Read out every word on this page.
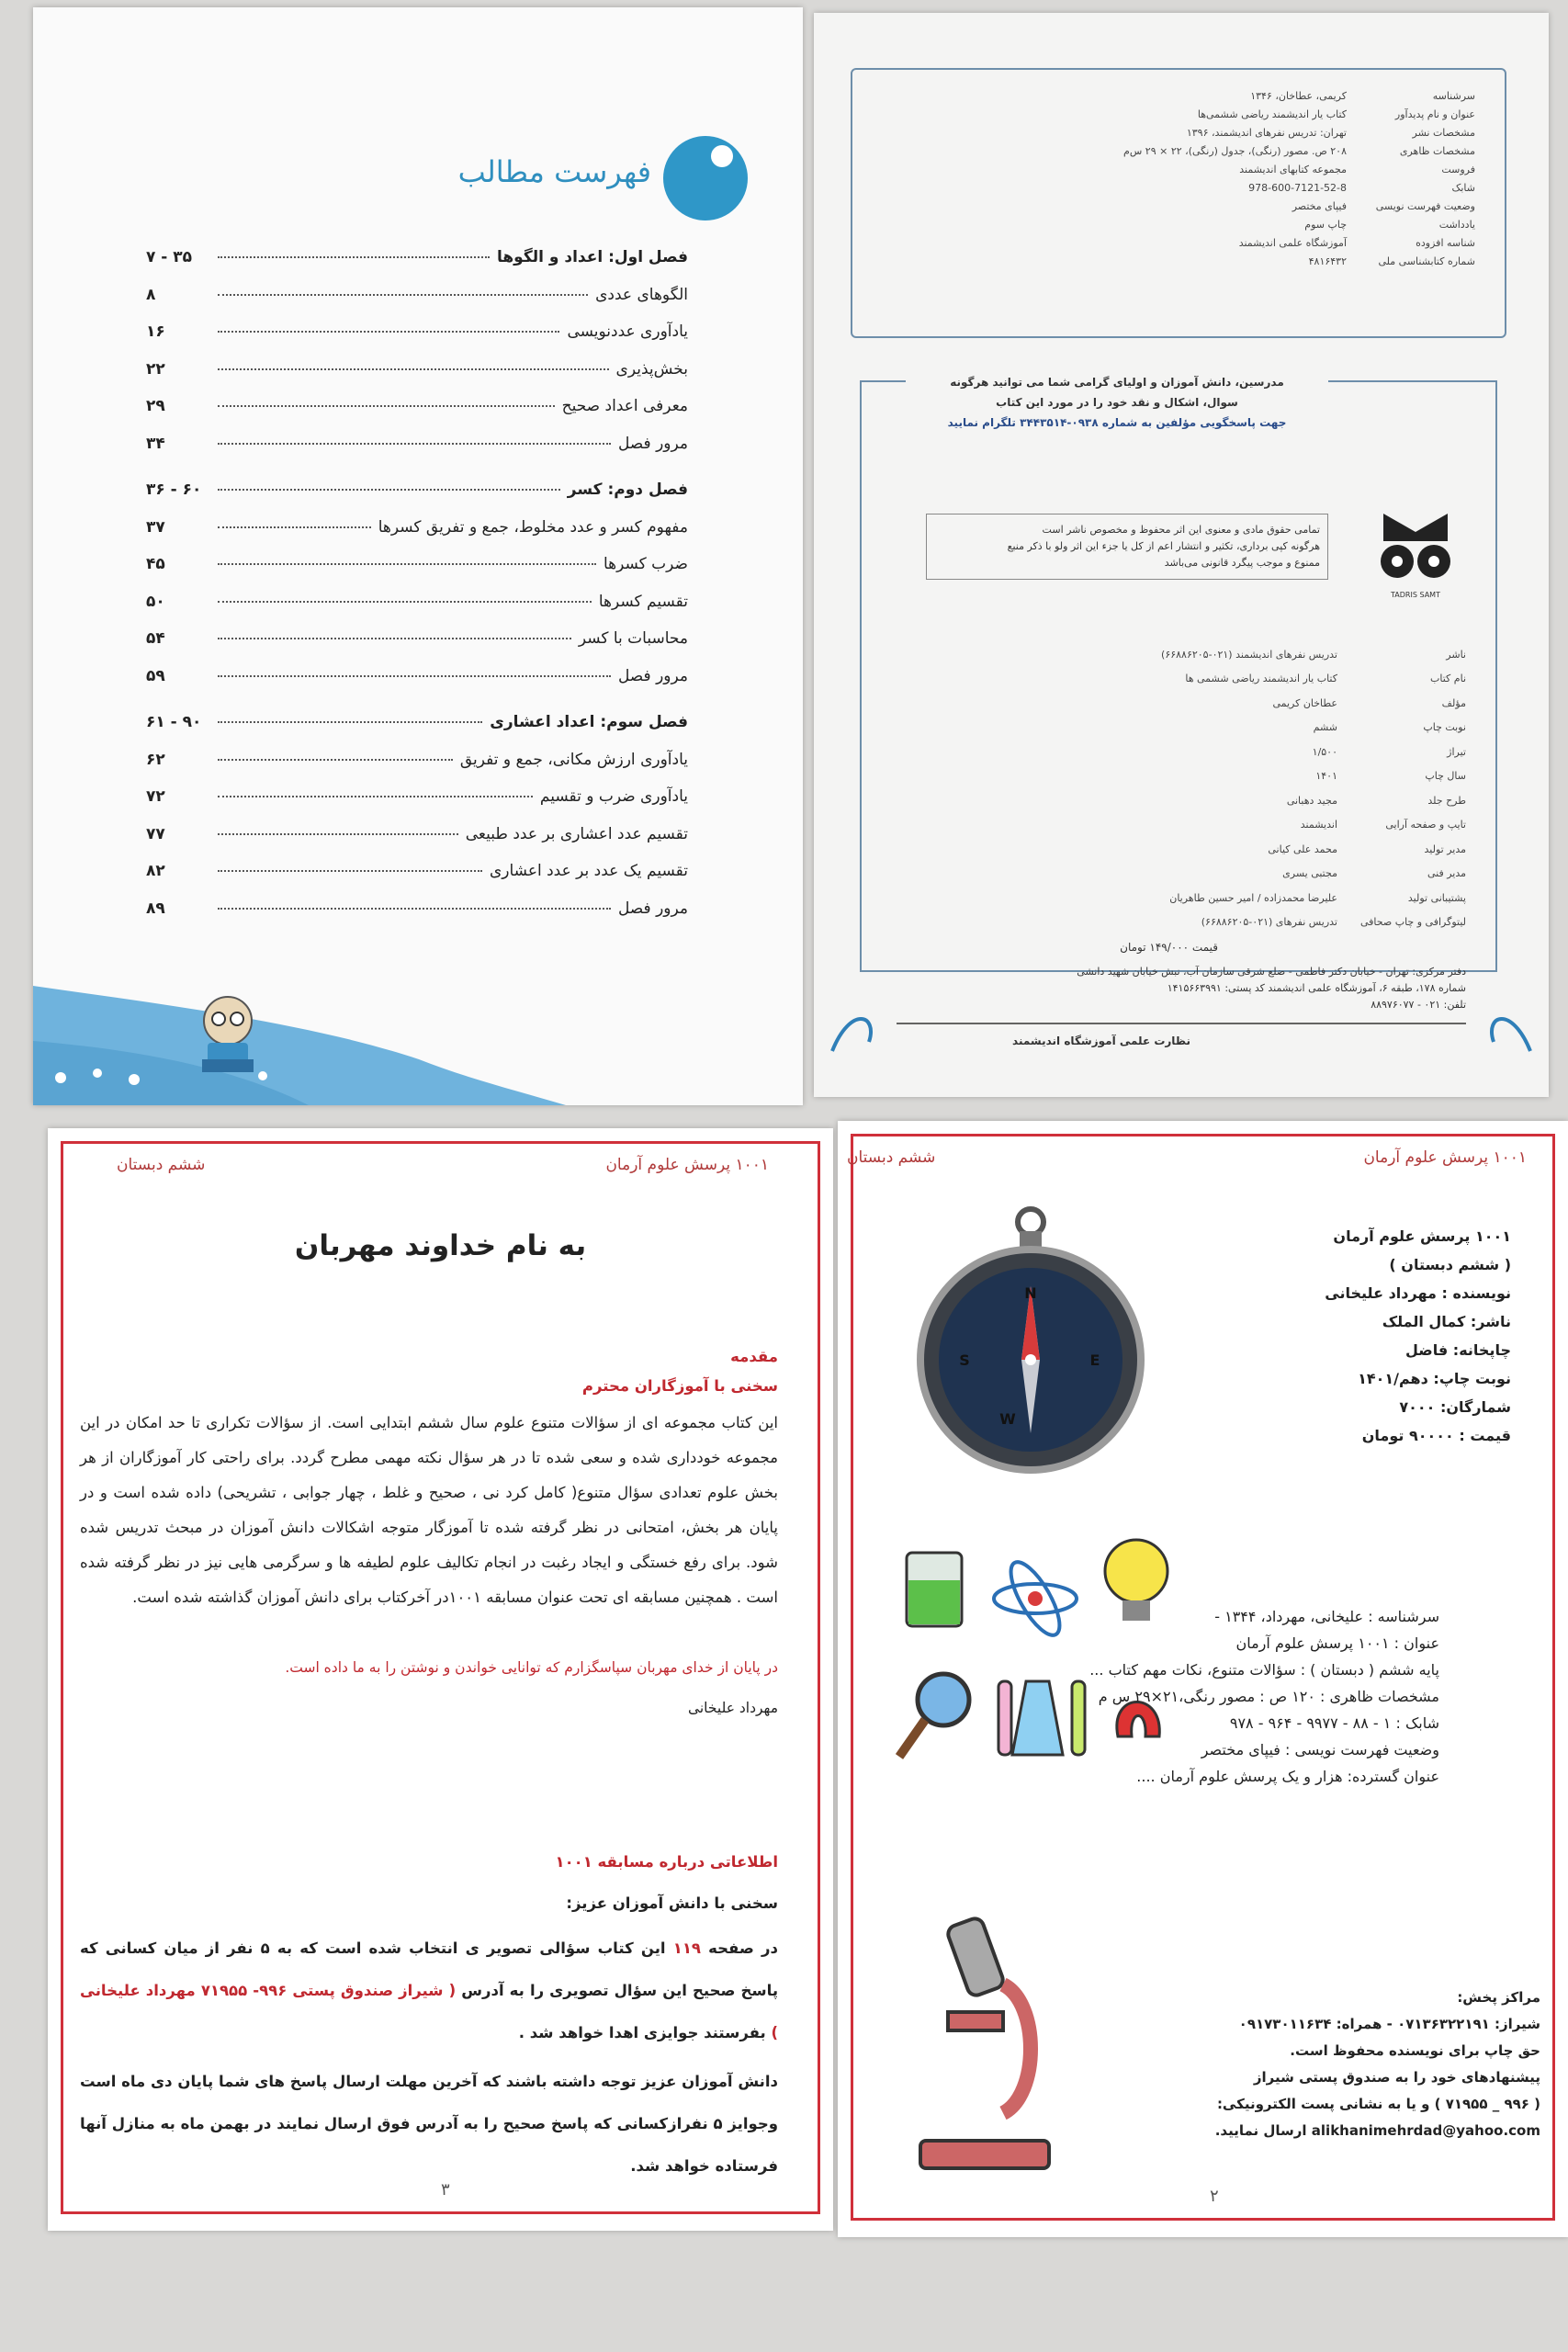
فهرست مطالب
فصل اول: اعداد و الگوها
۳۵ - ۷
الگوهای عددی
۸
یادآوری عددنویسی
۱۶
بخش‌پذیری
۲۲
معرفی اعداد صحیح
۲۹
مرور فصل
۳۴
فصل دوم: کسر
۶۰ - ۳۶
مفهوم کسر و عدد مخلوط، جمع و تفریق کسرها
۳۷
ضرب کسرها
۴۵
تقسیم کسرها
۵۰
محاسبات با کسر
۵۴
مرور فصل
۵۹
فصل سوم: اعداد اعشاری
۹۰ - ۶۱
یادآوری ارزش مکانی، جمع و تفریق
۶۲
یادآوری ضرب و تقسیم
۷۲
تقسیم عدد اعشاری بر عدد طبیعی
۷۷
تقسیم یک عدد بر عدد اعشاری
۸۲
مرور فصل
۸۹
سرشناسه
کریمی، عطاخان، ۱۳۴۶
عنوان و نام پدیدآور
کتاب یار اندیشمند ریاضی ششمی‌ها
مشخصات نشر
تهران: تدریس نفرهای اندیشمند، ۱۳۹۶
مشخصات ظاهری
۲۰۸ ص. مصور (رنگی)، جدول (رنگی)، ۲۲ × ۲۹ س‌م
فروست
مجموعه کتابهای اندیشمند
شابک
978-600-7121-52-8
وضعیت فهرست نویسی
فیپای مختصر
یادداشت
چاپ سوم
شناسه افزوده
آموزشگاه علمی اندیشمند
شماره کتابشناسی ملی
۴۸۱۶۴۳۲
مدرسین، دانش آموزان و اولیای گرامی شما می توانید هرگونه
سوال، اشکال و نقد خود را در مورد این کتاب
جهت پاسخگویی مؤلفین به شماره ۰۹۳۸-۳۴۴۳۵۱۴ تلگرام نمایید
تمامی حقوق مادی و معنوی این اثر محفوظ و مخصوص ناشر است
هرگونه کپی برداری، تکثیر و انتشار اعم از کل یا جزء این اثر ولو با ذکر منبع
ممنوع و موجب پیگرد قانونی می‌باشد
TADRIS SAMT
ناشر
تدریس نفرهای اندیشمند (۰۲۱-۶۶۸۸۶۲۰۵)
نام کتاب
کتاب یار اندیشمند ریاضی ششمی ها
مؤلف
عطاخان کریمی
نوبت چاپ
ششم
تیراژ
۱/۵۰۰
سال چاپ
۱۴۰۱
طرح جلد
مجید دهبانی
تایپ و صفحه آرایی
اندیشمند
مدیر تولید
محمد علی کیانی
مدیر فنی
مجتبی یسری
پشتیبانی تولید
علیرضا محمدزاده / امیر حسین طاهریان
لیتوگرافی و چاپ صحافی
تدریس نفرهای (۰۲۱-۶۶۸۸۶۲۰۵)
قیمت ۱۴۹/۰۰۰ تومان
دفتر مرکزی: تهران - خیابان دکتر فاطمی - ضلع شرقی سازمان آب، نبش خیابان شهید دانشی
شماره ۱۷۸، طبقه ۶، آموزشگاه علمی اندیشمند کد پستی: ۱۴۱۵۶۶۳۹۹۱
تلفن: ۰۲۱ - ۸۸۹۷۶۰۷۷
نظارت علمی آموزشگاه اندیشمند
۱۰۰۱ پرسش علوم آرمان
ششم دبستان
به نام خداوند مهربان
مقدمه
سخنی با آموزگاران محترم
این کتاب مجموعه ای از سؤالات متنوع علوم سال ششم ابتدایی است. از سؤالات تکراری تا حد امکان در این مجموعه خودداری شده و سعی شده تا در هر سؤال نکته مهمی مطرح گردد. برای راحتی کار آموزگاران از هر بخش علوم تعدادی سؤال متنوع( کامل کرد نی ، صحیح و غلط ، چهار جوابی ، تشریحی) داده شده است و در پایان هر بخش، امتحانی در نظر گرفته شده تا آموزگار متوجه اشکالات دانش آموزان در مبحث تدریس شده شود. برای رفع خستگی و ایجاد رغبت در انجام تکالیف علوم لطیفه ها و سرگرمی هایی نیز در نظر گرفته شده است . همچنین مسابقه ای تحت عنوان مسابقه ۱۰۰۱در آخرکتاب برای دانش آموزان گذاشته شده است.
در پایان از خدای مهربان سپاسگزارم که توانایی خواندن و نوشتن را به ما داده است.
مهرداد علیخانی
اطلاعاتی درباره مسابقه ۱۰۰۱
سخنی با دانش آموزان عزیز:
در صفحه ۱۱۹ این کتاب سؤالی تصویر ی انتخاب شده است که به ۵ نفر از میان کسانی که پاسخ صحیح این سؤال تصویری را به آدرس ( شیراز صندوق پستی ۹۹۶- ۷۱۹۵۵ مهرداد علیخانی ) بفرستند جوایزی اهدا خواهد شد .
دانش آموزان عزیز توجه داشته باشند که آخرین مهلت ارسال پاسخ های شما پایان دی ماه است وجوایز ۵ نفرازکسانی که پاسخ صحیح را به آدرس فوق ارسال نمایند در بهمن ماه به منازل آنها فرستاده خواهد شد.
۳
۱۰۰۱ پرسش علوم آرمان
ششم دبستان
۱۰۰۱ پرسش علوم آرمان
( ششم دبستان )
نویسنده : مهرداد علیخانی
ناشر: کمال الملک
چاپخانه: فاضل
نوبت چاپ: دهم/۱۴۰۱
شمارگان: ۷۰۰۰
قیمت : ۹۰۰۰۰ تومان
N
E
S
W
سرشناسه : علیخانی، مهرداد، ۱۳۴۴ -
عنوان : ۱۰۰۱ پرسش علوم آرمان
پایه ششم ( دبستان ) : سؤالات متنوع، نکات مهم کتاب ...
مشخصات ظاهری : ۱۲۰ ص : مصور رنگی،۲۱×۲۹ س م
شابک : ۱ - ۸۸ - ۹۹۷۷ - ۹۶۴ - ۹۷۸
وضعیت فهرست نویسی : فیپای مختصر
عنوان گسترده: هزار و یک پرسش علوم آرمان ....
مراکز پخش:
شیراز: ۰۷۱۳۶۳۲۲۱۹۱ - همراه: ۰۹۱۷۳۰۱۱۶۳۴
حق چاپ برای نویسنده محفوظ است.
پیشنهادهای خود را به صندوق پستی شیراز
( ۹۹۶ _ ۷۱۹۵۵ ) و یا به نشانی پست الکترونیکی:
alikhanimehrdad@yahoo.com ارسال نمایید.
۲
